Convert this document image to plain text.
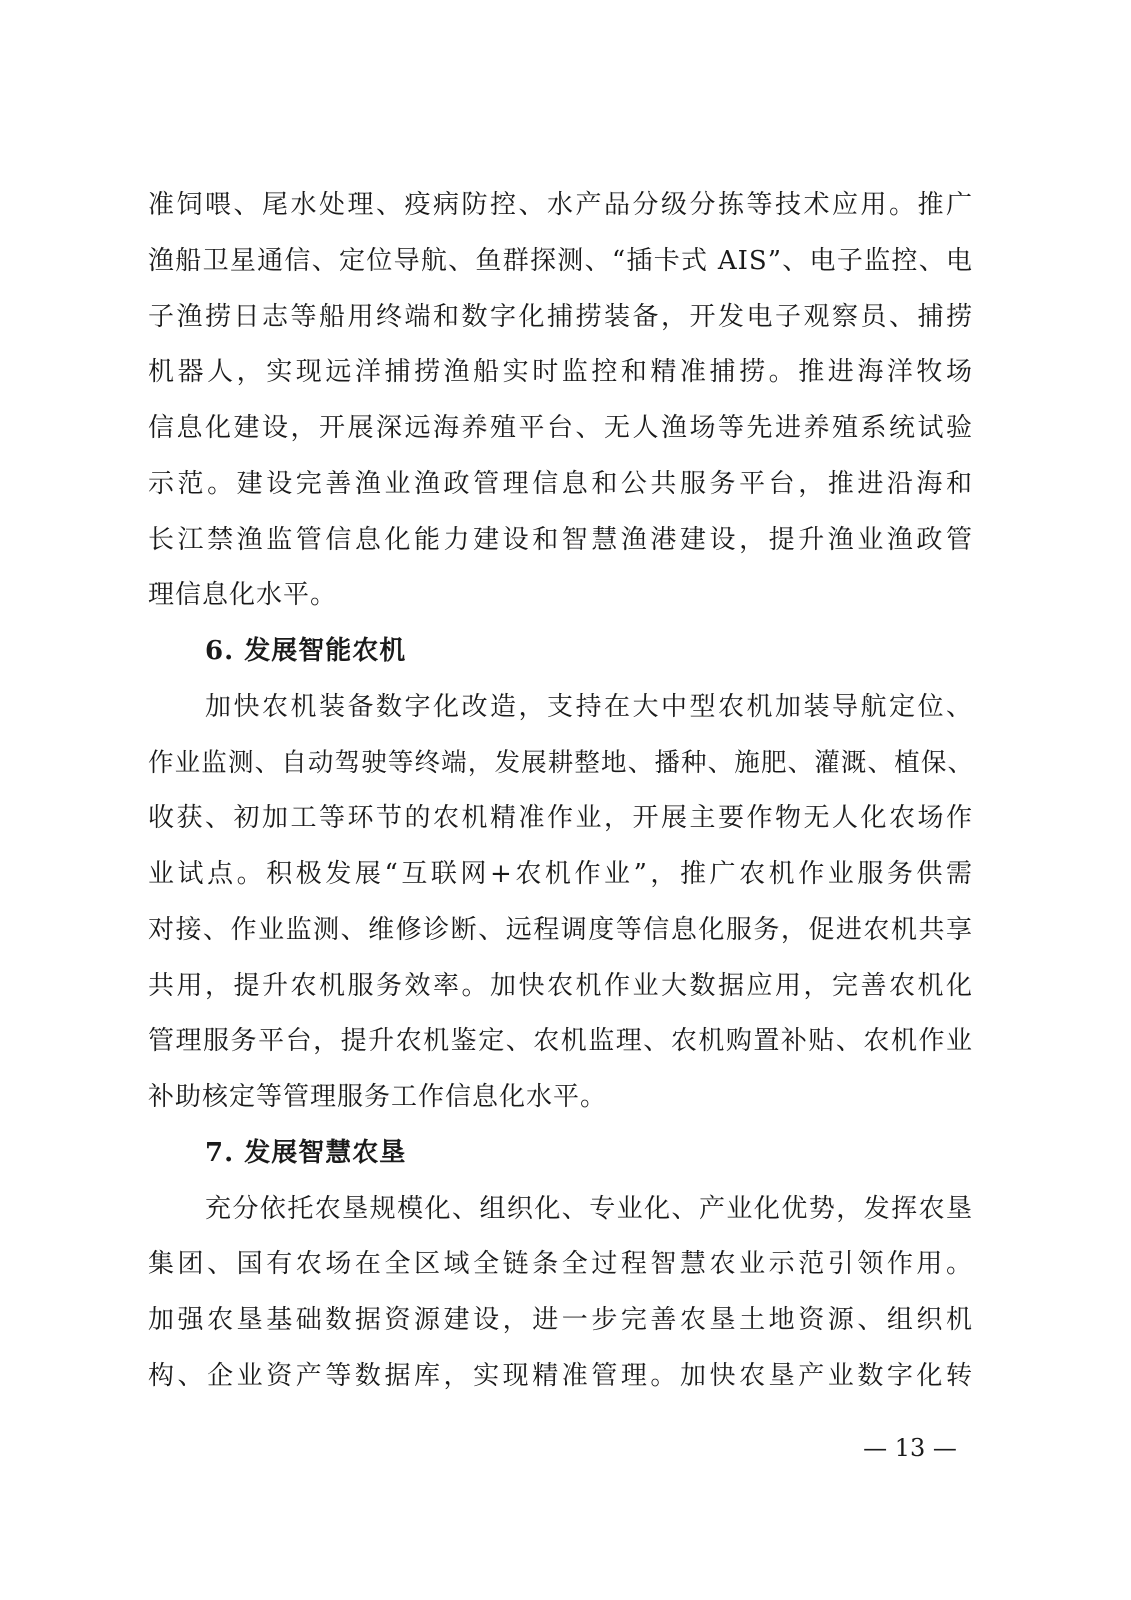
准饲喂、尾水处理、疫病防控、水产品分级分拣等技术应用。推广
渔船卫星通信、定位导航、鱼群探测、“插卡式 AIS”、电子监控、电
子渔捞日志等船用终端和数字化捕捞装备，开发电子观察员、捕捞
机器人，实现远洋捕捞渔船实时监控和精准捕捞。推进海洋牧场
信息化建设，开展深远海养殖平台、无人渔场等先进养殖系统试验
示范。建设完善渔业渔政管理信息和公共服务平台，推进沿海和
长江禁渔监管信息化能力建设和智慧渔港建设，提升渔业渔政管
理信息化水平。
6. 发展智能农机
加快农机装备数字化改造，支持在大中型农机加装导航定位、
作业监测、自动驾驶等终端，发展耕整地、播种、施肥、灌溉、植保、
收获、初加工等环节的农机精准作业，开展主要作物无人化农场作
业试点。积极发展“互联网+农机作业”，推广农机作业服务供需
对接、作业监测、维修诊断、远程调度等信息化服务，促进农机共享
共用，提升农机服务效率。加快农机作业大数据应用，完善农机化
管理服务平台，提升农机鉴定、农机监理、农机购置补贴、农机作业
补助核定等管理服务工作信息化水平。
7. 发展智慧农垦
充分依托农垦规模化、组织化、专业化、产业化优势，发挥农垦
集团、国有农场在全区域全链条全过程智慧农业示范引领作用。
加强农垦基础数据资源建设，进一步完善农垦土地资源、组织机
构、企业资产等数据库，实现精准管理。加快农垦产业数字化转
— 13 —
